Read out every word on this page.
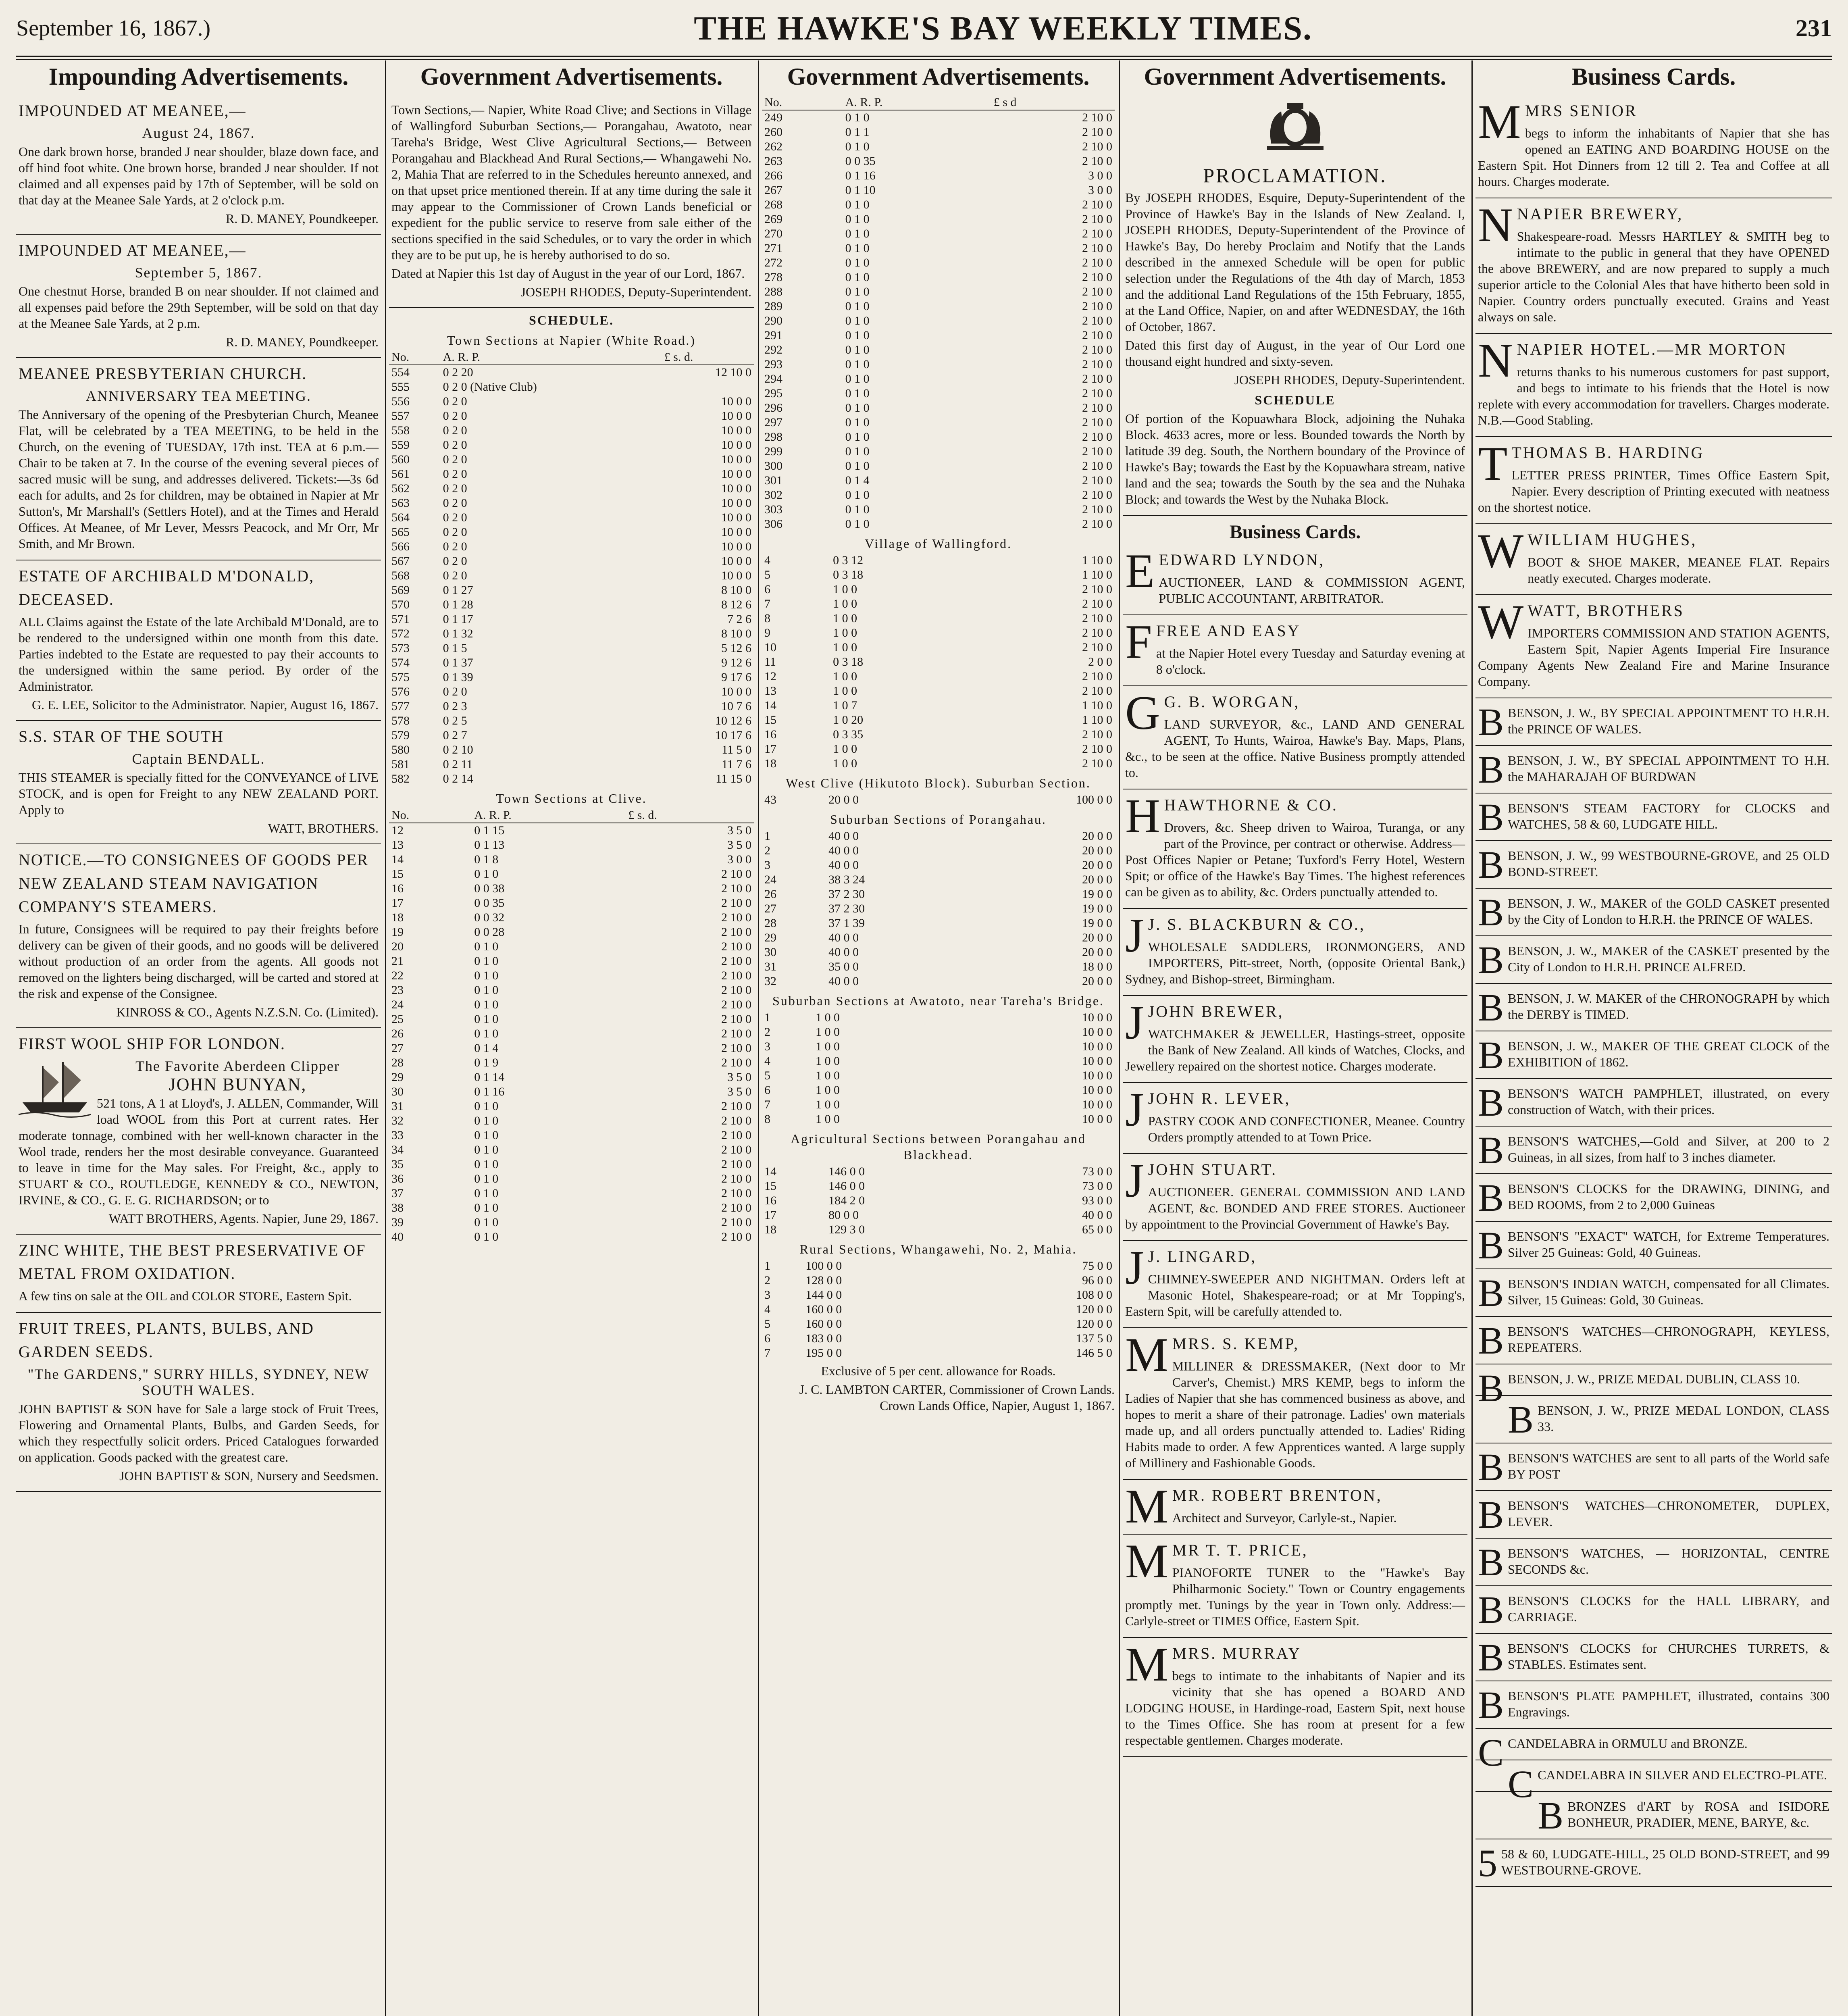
September 16, 1867.)	THE HAWKE'S BAY WEEKLY TIMES.	231
Impounding Advertisements.
IMPOUNDED AT MEANEE,—
August 24, 1867.

One dark brown horse, branded J near shoulder, blaze down face, and off hind foot white. One brown horse, branded J near shoulder. If not claimed and all expenses paid by 17th of September, will be sold on that day at the Meanee Sale Yards, at 2 o'clock p.m.

R. D. MANEY, Poundkeeper.

IMPOUNDED AT MEANEE,—
September 5, 1867.

One chestnut Horse, branded B on near shoulder. If not claimed and all expenses paid before the 29th September, will be sold on that day at the Meanee Sale Yards, at 2 p.m.

R. D. MANEY, Poundkeeper.

MEANEE PRESBYTERIAN CHURCH.
ANNIVERSARY TEA MEETING.

The Anniversary of the opening of the Presbyterian Church, Meanee Flat, will be celebrated by a TEA MEETING, to be held in the Church, on the evening of TUESDAY, 17th inst. TEA at 6 p.m.—Chair to be taken at 7. In the course of the evening several pieces of sacred music will be sung, and addresses delivered. Tickets:—3s 6d each for adults, and 2s for children, may be obtained in Napier at Mr Sutton's, Mr Marshall's (Settlers Hotel), and at the Times and Herald Offices. At Meanee, of Mr Lever, Messrs Peacock, and Mr Orr, Mr Smith, and Mr Brown.

ESTATE OF ARCHIBALD M'DONALD, DECEASED.

ALL Claims against the Estate of the late Archibald M'Donald, are to be rendered to the undersigned within one month from this date. Parties indebted to the Estate are requested to pay their accounts to the undersigned within the same period. By order of the Administrator.

G. E. LEE, Solicitor to the Administrator. Napier, August 16, 1867.

S.S. STAR OF THE SOUTH
Captain BENDALL.

THIS STEAMER is specially fitted for the CONVEYANCE of LIVE STOCK, and is open for Freight to any NEW ZEALAND PORT. Apply to

WATT, BROTHERS.

NOTICE.—TO CONSIGNEES OF GOODS PER NEW ZEALAND STEAM NAVIGATION COMPANY'S STEAMERS.

In future, Consignees will be required to pay their freights before delivery can be given of their goods, and no goods will be delivered without production of an order from the agents. All goods not removed on the lighters being discharged, will be carted and stored at the risk and expense of the Consignee.

KINROSS & CO., Agents N.Z.S.N. Co. (Limited).

FIRST WOOL SHIP FOR LONDON.
The Favorite Aberdeen Clipper
JOHN BUNYAN,

521 tons, A 1 at Lloyd's, J. ALLEN, Commander, Will load WOOL from this Port at current rates. Her moderate tonnage, combined with her well-known character in the Wool trade, renders her the most desirable conveyance. Guaranteed to leave in time for the May sales. For Freight, &c., apply to STUART & CO., ROUTLEDGE, KENNEDY & CO., NEWTON, IRVINE, & CO., G. E. G. RICHARDSON; or to

WATT BROTHERS, Agents. Napier, June 29, 1867.

ZINC WHITE, THE BEST PRESERVATIVE OF METAL FROM OXIDATION.

A few tins on sale at the OIL and COLOR STORE, Eastern Spit.

FRUIT TREES, PLANTS, BULBS, AND GARDEN SEEDS.
"The GARDENS," SURRY HILLS, SYDNEY, NEW SOUTH WALES.

JOHN BAPTIST & SON have for Sale a large stock of Fruit Trees, Flowering and Ornamental Plants, Bulbs, and Garden Seeds, for which they respectfully solicit orders. Priced Catalogues forwarded on application. Goods packed with the greatest care.

JOHN BAPTIST & SON, Nursery and Seedsmen.

Government Advertisements.

Town Sections,— Napier, White Road Clive; and Sections in Village of Wallingford Suburban Sections,— Porangahau, Awatoto, near Tareha's Bridge, West Clive Agricultural Sections,— Between Porangahau and Blackhead And Rural Sections,— Whangawehi No. 2, Mahia That are referred to in the Schedules hereunto annexed, and on that upset price mentioned therein. If at any time during the sale it may appear to the Commissioner of Crown Lands beneficial or expedient for the public service to reserve from sale either of the sections specified in the said Schedules, or to vary the order in which they are to be put up, he is hereby authorised to do so.

Dated at Napier this 1st day of August in the year of our Lord, 1867.

JOSEPH RHODES, Deputy-Superintendent.

SCHEDULE.
Town Sections at Napier (White Road.)
No.	A. R. P.	£ s. d.
554	0 2 20	12 10 0
555	0 2 0 (Native Club)	
556	0 2 0	10 0 0
557	0 2 0	10 0 0
558	0 2 0	10 0 0
559	0 2 0	10 0 0
560	0 2 0	10 0 0
561	0 2 0	10 0 0
562	0 2 0	10 0 0
563	0 2 0	10 0 0
564	0 2 0	10 0 0
565	0 2 0	10 0 0
566	0 2 0	10 0 0
567	0 2 0	10 0 0
568	0 2 0	10 0 0
569	0 1 27	8 10 0
570	0 1 28	8 12 6
571	0 1 17	7 2 6
572	0 1 32	8 10 0
573	0 1 5	5 12 6
574	0 1 37	9 12 6
575	0 1 39	9 17 6
576	0 2 0	10 0 0
577	0 2 3	10 7 6
578	0 2 5	10 12 6
579	0 2 7	10 17 6
580	0 2 10	11 5 0
581	0 2 11	11 7 6
582	0 2 14	11 15 0
Town Sections at Clive.
No.	A. R. P.	£ s. d.
12	0 1 15	3 5 0
13	0 1 13	3 5 0
14	0 1 8	3 0 0
15	0 1 0	2 10 0
16	0 0 38	2 10 0
17	0 0 35	2 10 0
18	0 0 32	2 10 0
19	0 0 28	2 10 0
20	0 1 0	2 10 0
21	0 1 0	2 10 0
22	0 1 0	2 10 0
23	0 1 0	2 10 0
24	0 1 0	2 10 0
25	0 1 0	2 10 0
26	0 1 0	2 10 0
27	0 1 4	2 10 0
28	0 1 9	2 10 0
29	0 1 14	3 5 0
30	0 1 16	3 5 0
31	0 1 0	2 10 0
32	0 1 0	2 10 0
33	0 1 0	2 10 0
34	0 1 0	2 10 0
35	0 1 0	2 10 0
36	0 1 0	2 10 0
37	0 1 0	2 10 0
38	0 1 0	2 10 0
39	0 1 0	2 10 0
40	0 1 0	2 10 0
Government Advertisements.
No.	A. R. P.	£ s d
249	0 1 0	2 10 0
260	0 1 1	2 10 0
262	0 1 0	2 10 0
263	0 0 35	2 10 0
266	0 1 16	3 0 0
267	0 1 10	3 0 0
268	0 1 0	2 10 0
269	0 1 0	2 10 0
270	0 1 0	2 10 0
271	0 1 0	2 10 0
272	0 1 0	2 10 0
278	0 1 0	2 10 0
288	0 1 0	2 10 0
289	0 1 0	2 10 0
290	0 1 0	2 10 0
291	0 1 0	2 10 0
292	0 1 0	2 10 0
293	0 1 0	2 10 0
294	0 1 0	2 10 0
295	0 1 0	2 10 0
296	0 1 0	2 10 0
297	0 1 0	2 10 0
298	0 1 0	2 10 0
299	0 1 0	2 10 0
300	0 1 0	2 10 0
301	0 1 4	2 10 0
302	0 1 0	2 10 0
303	0 1 0	2 10 0
306	0 1 0	2 10 0
Village of Wallingford.
4	0 3 12	1 10 0
5	0 3 18	1 10 0
6	1 0 0	2 10 0
7	1 0 0	2 10 0
8	1 0 0	2 10 0
9	1 0 0	2 10 0
10	1 0 0	2 10 0
11	0 3 18	2 0 0
12	1 0 0	2 10 0
13	1 0 0	2 10 0
14	1 0 7	1 10 0
15	1 0 20	1 10 0
16	0 3 35	2 10 0
17	1 0 0	2 10 0
18	1 0 0	2 10 0
West Clive (Hikutoto Block). Suburban Section.
43	20 0 0	100 0 0
Suburban Sections of Porangahau.
1	40 0 0	20 0 0
2	40 0 0	20 0 0
3	40 0 0	20 0 0
24	38 3 24	20 0 0
26	37 2 30	19 0 0
27	37 2 30	19 0 0
28	37 1 39	19 0 0
29	40 0 0	20 0 0
30	40 0 0	20 0 0
31	35 0 0	18 0 0
32	40 0 0	20 0 0
Suburban Sections at Awatoto, near Tareha's Bridge.
1	1 0 0	10 0 0
2	1 0 0	10 0 0
3	1 0 0	10 0 0
4	1 0 0	10 0 0
5	1 0 0	10 0 0
6	1 0 0	10 0 0
7	1 0 0	10 0 0
8	1 0 0	10 0 0
Agricultural Sections between Porangahau and Blackhead.
14	146 0 0	73 0 0
15	146 0 0	73 0 0
16	184 2 0	93 0 0
17	80 0 0	40 0 0
18	129 3 0	65 0 0
Rural Sections, Whangawehi, No. 2, Mahia.
1	100 0 0	75 0 0
2	128 0 0	96 0 0
3	144 0 0	108 0 0
4	160 0 0	120 0 0
5	160 0 0	120 0 0
6	183 0 0	137 5 0
7	195 0 0	146 5 0

Exclusive of 5 per cent. allowance for Roads.

J. C. LAMBTON CARTER, Commissioner of Crown Lands. Crown Lands Office, Napier, August 1, 1867.

Government Advertisements.
PROCLAMATION.

By JOSEPH RHODES, Esquire, Deputy-Superintendent of the Province of Hawke's Bay in the Islands of New Zealand. I, JOSEPH RHODES, Deputy-Superintendent of the Province of Hawke's Bay, Do hereby Proclaim and Notify that the Lands described in the annexed Schedule will be open for public selection under the Regulations of the 4th day of March, 1853 and the additional Land Regulations of the 15th February, 1855, at the Land Office, Napier, on and after WEDNESDAY, the 16th of October, 1867.

Dated this first day of August, in the year of Our Lord one thousand eight hundred and sixty-seven.

JOSEPH RHODES, Deputy-Superintendent.

SCHEDULE

Of portion of the Kopuawhara Block, adjoining the Nuhaka Block. 4633 acres, more or less. Bounded towards the North by latitude 39 deg. South, the Northern boundary of the Province of Hawke's Bay; towards the East by the Kopuawhara stream, native land and the sea; towards the South by the sea and the Nuhaka Block; and towards the West by the Nuhaka Block.

Business Cards.
E EDWARD LYNDON,

AUCTIONEER, LAND & COMMISSION AGENT, PUBLIC ACCOUNTANT, ARBITRATOR.

F FREE AND EASY

at the Napier Hotel every Tuesday and Saturday evening at 8 o'clock.

G G. B. WORGAN,

LAND SURVEYOR, &c., LAND AND GENERAL AGENT, To Hunts, Wairoa, Hawke's Bay. Maps, Plans, &c., to be seen at the office. Native Business promptly attended to.

H HAWTHORNE & CO.

Drovers, &c. Sheep driven to Wairoa, Turanga, or any part of the Province, per contract or otherwise. Address—Post Offices Napier or Petane; Tuxford's Ferry Hotel, Western Spit; or office of the Hawke's Bay Times. The highest references can be given as to ability, &c. Orders punctually attended to.

J J. S. BLACKBURN & CO.,

WHOLESALE SADDLERS, IRONMONGERS, AND IMPORTERS, Pitt-street, North, (opposite Oriental Bank,) Sydney, and Bishop-street, Birmingham.

J JOHN BREWER,

WATCHMAKER & JEWELLER, Hastings-street, opposite the Bank of New Zealand. All kinds of Watches, Clocks, and Jewellery repaired on the shortest notice. Charges moderate.

J JOHN R. LEVER,

PASTRY COOK AND CONFECTIONER, Meanee. Country Orders promptly attended to at Town Price.

J JOHN STUART.

AUCTIONEER. GENERAL COMMISSION AND LAND AGENT, &c. BONDED AND FREE STORES. Auctioneer by appointment to the Provincial Government of Hawke's Bay.

J J. LINGARD,

CHIMNEY-SWEEPER AND NIGHTMAN. Orders left at Masonic Hotel, Shakespeare-road; or at Mr Topping's, Eastern Spit, will be carefully attended to.

M MRS. S. KEMP,

MILLINER & DRESSMAKER, (Next door to Mr Carver's, Chemist.) MRS KEMP, begs to inform the Ladies of Napier that she has commenced business as above, and hopes to merit a share of their patronage. Ladies' own materials made up, and all orders punctually attended to. Ladies' Riding Habits made to order. A few Apprentices wanted. A large supply of Millinery and Fashionable Goods.

M MR. ROBERT BRENTON,

Architect and Surveyor, Carlyle-st., Napier.

M MR T. T. PRICE,

PIANOFORTE TUNER to the "Hawke's Bay Philharmonic Society." Town or Country engagements promptly met. Tunings by the year in Town only. Address:—Carlyle-street or TIMES Office, Eastern Spit.

M MRS. MURRAY

begs to intimate to the inhabitants of Napier and its vicinity that she has opened a BOARD AND LODGING HOUSE, in Hardinge-road, Eastern Spit, next house to the Times Office. She has room at present for a few respectable gentlemen. Charges moderate.

Business Cards.
M MRS SENIOR

begs to inform the inhabitants of Napier that she has opened an EATING AND BOARDING HOUSE on the Eastern Spit. Hot Dinners from 12 till 2. Tea and Coffee at all hours. Charges moderate.

N NAPIER BREWERY,

Shakespeare-road. Messrs HARTLEY & SMITH beg to intimate to the public in general that they have OPENED the above BREWERY, and are now prepared to supply a much superior article to the Colonial Ales that have hitherto been sold in Napier. Country orders punctually executed. Grains and Yeast always on sale.

N NAPIER HOTEL.—MR MORTON

returns thanks to his numerous customers for past support, and begs to intimate to his friends that the Hotel is now replete with every accommodation for travellers. Charges moderate. N.B.—Good Stabling.

T THOMAS B. HARDING

LETTER PRESS PRINTER, Times Office Eastern Spit, Napier. Every description of Printing executed with neatness on the shortest notice.

W WILLIAM HUGHES,

BOOT & SHOE MAKER, MEANEE FLAT. Repairs neatly executed. Charges moderate.

W WATT, BROTHERS

IMPORTERS COMMISSION AND STATION AGENTS, Eastern Spit, Napier Agents Imperial Fire Insurance Company Agents New Zealand Fire and Marine Insurance Company.

B BENSON, J. W., BY SPECIAL APPOINTMENT TO H.R.H. the PRINCE OF WALES.

B BENSON, J. W., BY SPECIAL APPOINTMENT TO H.H. the MAHARAJAH OF BURDWAN

B BENSON'S STEAM FACTORY for CLOCKS and WATCHES, 58 & 60, LUDGATE HILL.

B BENSON, J. W., 99 WESTBOURNE-GROVE, and 25 OLD BOND-STREET.

B BENSON, J. W., MAKER of the GOLD CASKET presented by the City of London to H.R.H. the PRINCE OF WALES.

B BENSON, J. W., MAKER of the CASKET presented by the City of London to H.R.H. PRINCE ALFRED.

B BENSON, J. W. MAKER of the CHRONOGRAPH by which the DERBY is TIMED.

B BENSON, J. W., MAKER OF THE GREAT CLOCK of the EXHIBITION of 1862.

B BENSON'S WATCH PAMPHLET, illustrated, on every construction of Watch, with their prices.

B BENSON'S WATCHES,—Gold and Silver, at 200 to 2 Guineas, in all sizes, from half to 3 inches diameter.

B BENSON'S CLOCKS for the DRAWING, DINING, and BED ROOMS, from 2 to 2,000 Guineas

B BENSON'S "EXACT" WATCH, for Extreme Temperatures. Silver 25 Guineas: Gold, 40 Guineas.

B BENSON'S INDIAN WATCH, compensated for all Climates. Silver, 15 Guineas: Gold, 30 Guineas.

B BENSON'S WATCHES—CHRONOGRAPH, KEYLESS, REPEATERS.

B BENSON, J. W., PRIZE MEDAL DUBLIN, CLASS 10.

B BENSON, J. W., PRIZE MEDAL LONDON, CLASS 33.

B BENSON'S WATCHES are sent to all parts of the World safe BY POST

B BENSON'S WATCHES—CHRONOMETER, DUPLEX, LEVER.

B BENSON'S WATCHES, — HORIZONTAL, CENTRE SECONDS &c.

B BENSON'S CLOCKS for the HALL LIBRARY, and CARRIAGE.

B BENSON'S CLOCKS for CHURCHES TURRETS, & STABLES. Estimates sent.

B BENSON'S PLATE PAMPHLET, illustrated, contains 300 Engravings.

C CANDELABRA in ORMULU and BRONZE.

C CANDELABRA IN SILVER AND ELECTRO-PLATE.

B BRONZES d'ART by ROSA and ISIDORE BONHEUR, PRADIER, MENE, BARYE, &c.

5 58 & 60, LUDGATE-HILL, 25 OLD BOND-STREET, and 99 WESTBOURNE-GROVE.
